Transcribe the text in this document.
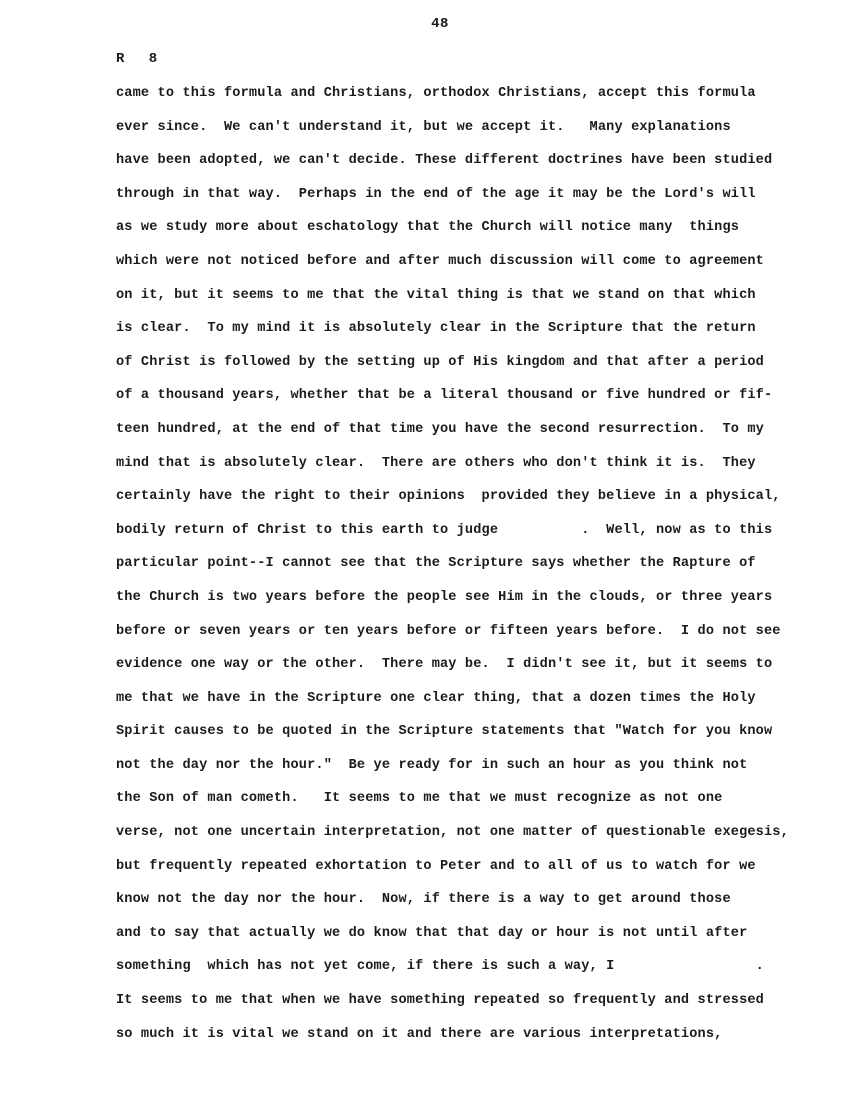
48
R 8
came to this formula and Christians, orthodox Christians, accept this formula
ever since.  We can't understand it, but we accept it.   Many explanations
have been adopted, we can't decide. These different doctrines have been studied
through in that way.  Perhaps in the end of the age it may be the Lord's will
as we study more about eschatology that the Church will notice many  things
which were not noticed before and after much discussion will come to agreement
on it, but it seems to me that the vital thing is that we stand on that which
is clear.  To my mind it is absolutely clear in the Scripture that the return
of Christ is followed by the setting up of His kingdom and that after a period
of a thousand years, whether that be a literal thousand or five hundred or fif-
teen hundred, at the end of that time you have the second resurrection.  To my
mind that is absolutely clear.  There are others who don't think it is.  They
certainly have the right to their opinions  provided they believe in a physical,
bodily return of Christ to this earth to judge          .  Well, now as to this
particular point--I cannot see that the Scripture says whether the Rapture of
the Church is two years before the people see Him in the clouds, or three years
before or seven years or ten years before or fifteen years before.  I do not see
evidence one way or the other.  There may be.  I didn't see it, but it seems to
me that we have in the Scripture one clear thing, that a dozen times the Holy
Spirit causes to be quoted in the Scripture statements that "Watch for you know
not the day nor the hour."  Be ye ready for in such an hour as you think not
the Son of man cometh.   It seems to me that we must recognize as not one
verse, not one uncertain interpretation, not one matter of questionable exegesis,
but frequently repeated exhortation to Peter and to all of us to watch for we
know not the day nor the hour.  Now, if there is a way to get around those
and to say that actually we do know that that day or hour is not until after
something  which has not yet come, if there is such a way, I                 .
It seems to me that when we have something repeated so frequently and stressed
so much it is vital we stand on it and there are various interpretations,
